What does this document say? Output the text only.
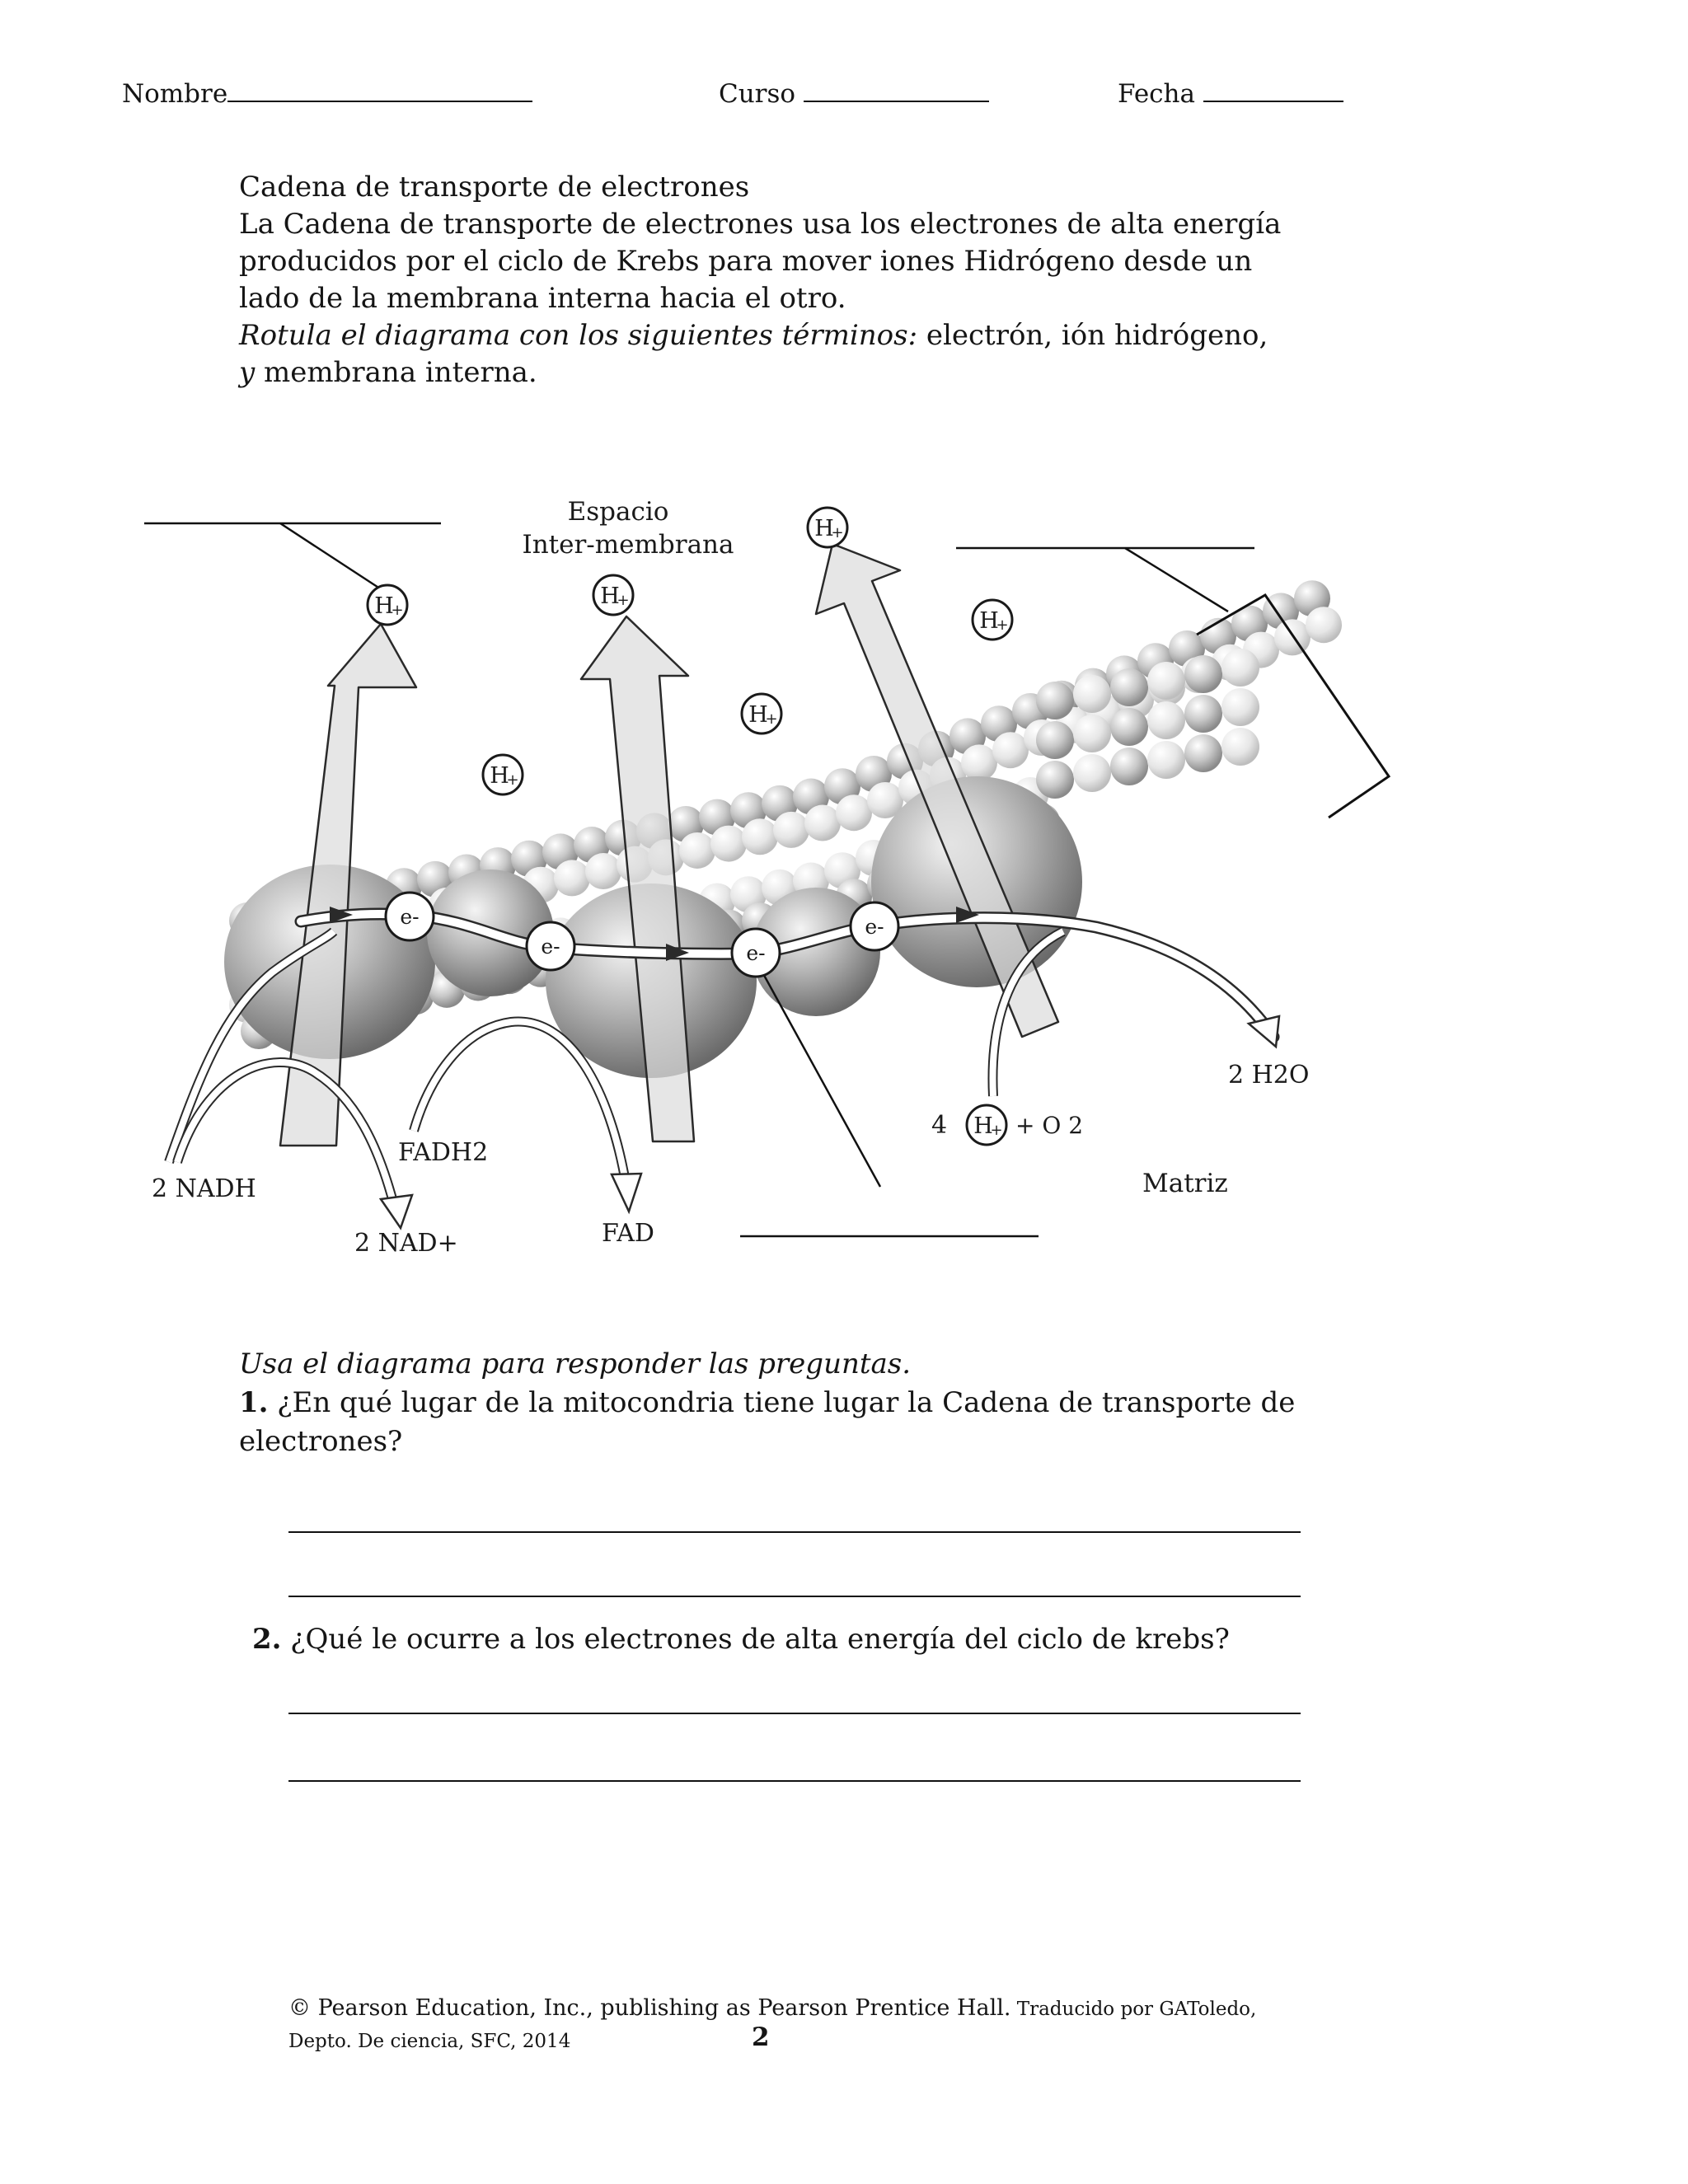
Nombre	Curso	Fecha
Cadena de transporte de electrones
La Cadena de transporte de electrones usa los electrones de alta energía
producidos por el ciclo de Krebs para mover iones Hidrógeno desde un
lado de la membrana interna hacia el otro.
Rotula el diagrama con los siguientes términos: electrón, ión hidrógeno,
y membrana interna.
H
+
H
+
H
+
H
+
H
+
H
+
H
+
e-
e-	e-
e-
Espacio
Inter-membrana
2 NADH
2 NAD+
FADH2
FAD
2 H2O
4	+ O 2
Matriz
Usa el diagrama para responder las preguntas.
1. ¿En qué lugar de la mitocondria tiene lugar la Cadena de transporte de
electrones?
2. ¿Qué le ocurre a los electrones de alta energía del ciclo de krebs?
© Pearson Education, Inc., publishing as Pearson Prentice Hall. Traducido por GAToledo,
Depto. De ciencia, SFC, 2014	2
